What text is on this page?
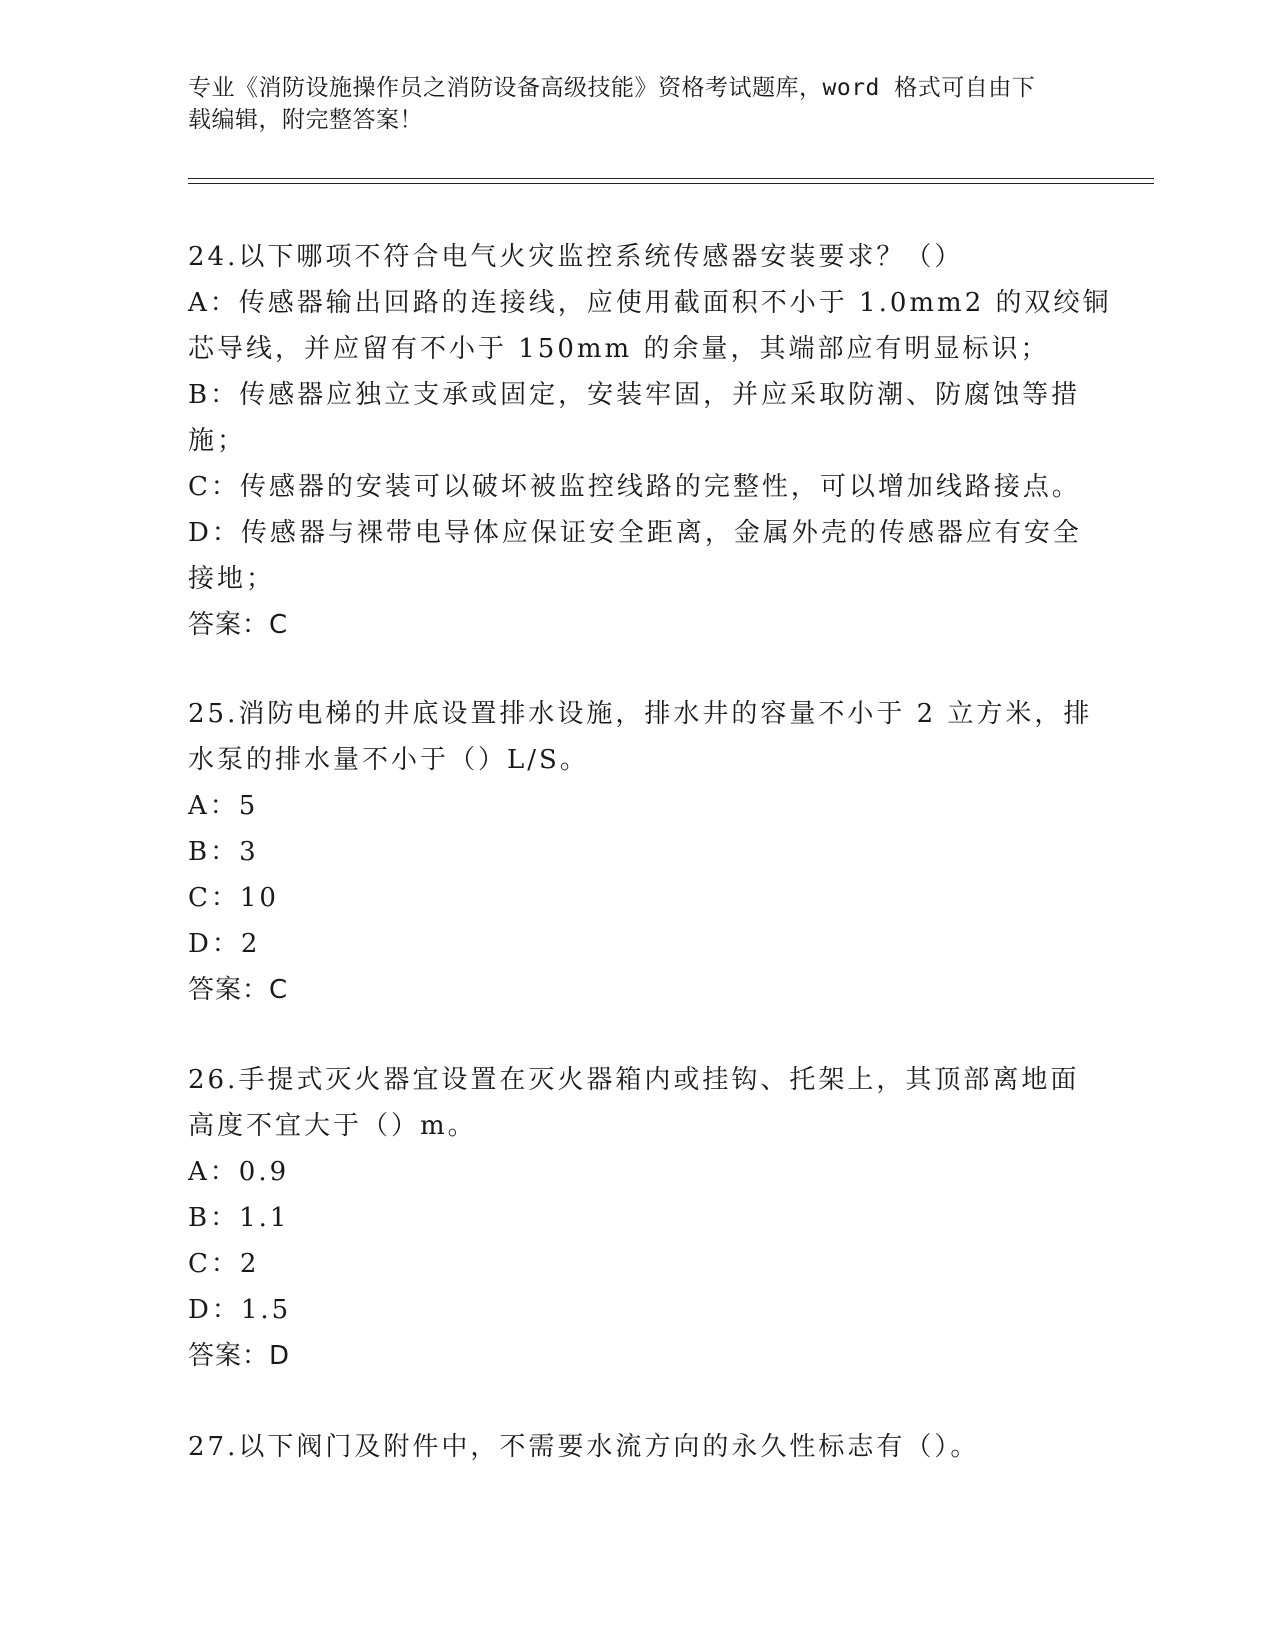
专业《消防设施操作员之消防设备高级技能》资格考试题库，word 格式可自由下
载编辑，附完整答案！
24.以下哪项不符合电气火灾监控系统传感器安装要求？（）
A：传感器输出回路的连接线，应使用截面积不小于 1.0mm2 的双绞铜
芯导线，并应留有不小于 150mm 的余量，其端部应有明显标识；
B：传感器应独立支承或固定，安装牢固，并应采取防潮、防腐蚀等措
施；
C：传感器的安装可以破坏被监控线路的完整性，可以增加线路接点。
D：传感器与裸带电导体应保证安全距离，金属外壳的传感器应有安全
接地；
答案：C
25.消防电梯的井底设置排水设施，排水井的容量不小于 2 立方米，排
水泵的排水量不小于（）L/S。
A：5
B：3
C：10
D：2
答案：C
26.手提式灭火器宜设置在灭火器箱内或挂钩、托架上，其顶部离地面
高度不宜大于（）m。
A：0.9
B：1.1
C：2
D：1.5
答案：D
27.以下阀门及附件中，不需要水流方向的永久性标志有（）。
